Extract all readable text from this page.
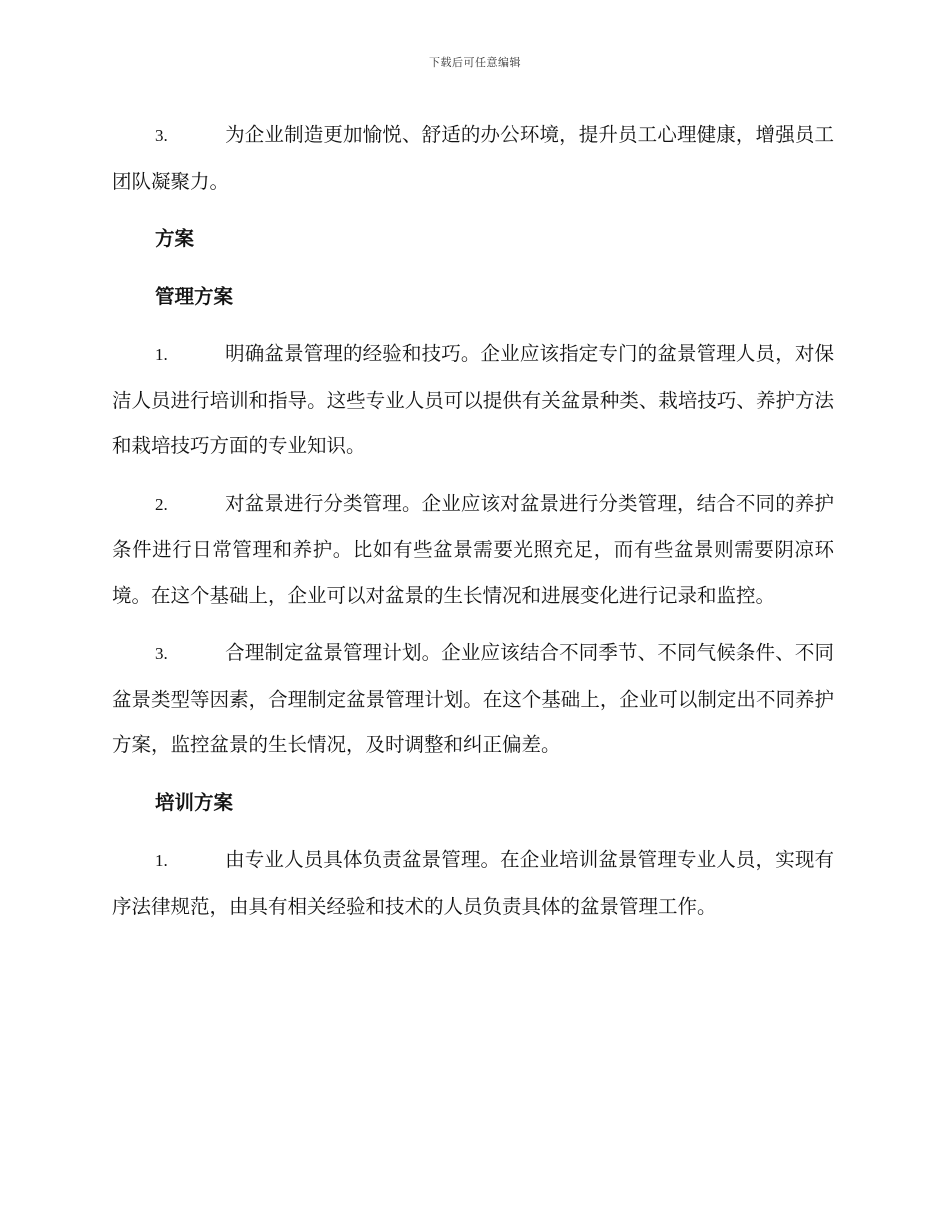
下载后可任意编辑

3.	为企业制造更加愉悦、舒适的办公环境，提升员工心理健康，增强员工团队凝聚力。

方案
管理方案

1.	明确盆景管理的经验和技巧。企业应该指定专门的盆景管理人员，对保洁人员进行培训和指导。这些专业人员可以提供有关盆景种类、栽培技巧、养护方法和栽培技巧方面的专业知识。

2.	对盆景进行分类管理。企业应该对盆景进行分类管理，结合不同的养护条件进行日常管理和养护。比如有些盆景需要光照充足，而有些盆景则需要阴凉环境。在这个基础上，企业可以对盆景的生长情况和进展变化进行记录和监控。

3.	合理制定盆景管理计划。企业应该结合不同季节、不同气候条件、不同盆景类型等因素，合理制定盆景管理计划。在这个基础上，企业可以制定出不同养护方案，监控盆景的生长情况，及时调整和纠正偏差。

培训方案

1.	由专业人员具体负责盆景管理。在企业培训盆景管理专业人员，实现有序法律规范，由具有相关经验和技术的人员负责具体的盆景管理工作。
